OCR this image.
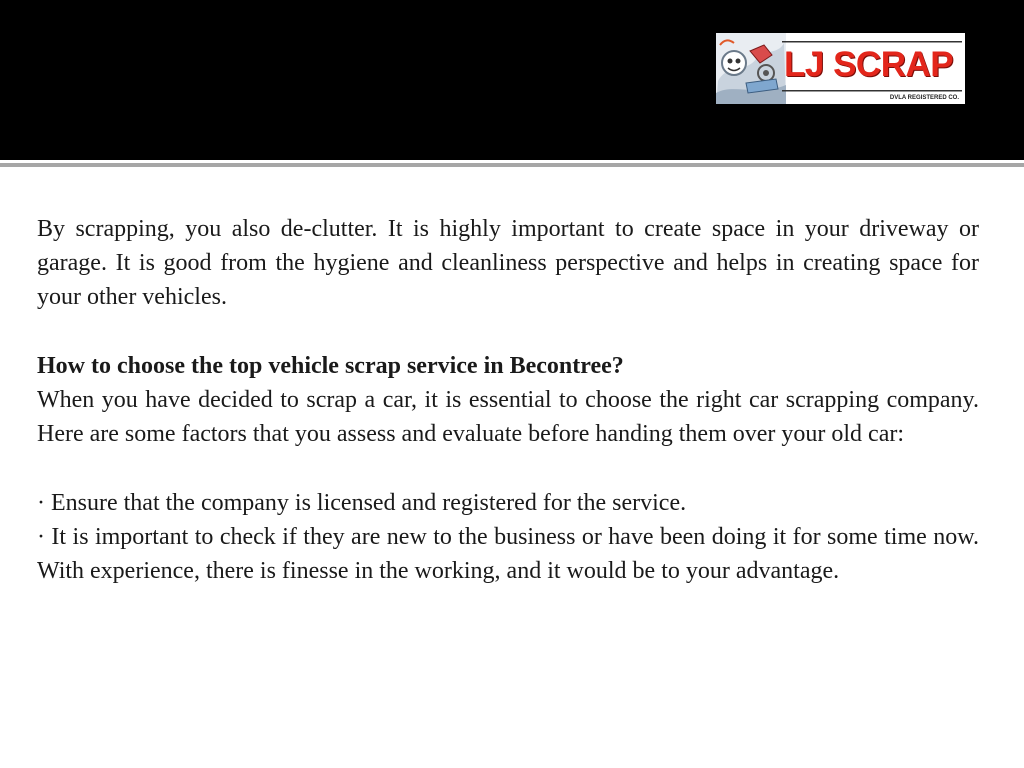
LJ SCRAP
DVLA REGISTERED CO.

By scrapping, you also de-clutter. It is highly important to create space in your driveway or garage. It is good from the hygiene and cleanliness perspective and helps in creating space for your other vehicles.

How to choose the top vehicle scrap service in Becontree?

When you have decided to scrap a car, it is essential to choose the right car scrapping company. Here are some factors that you assess and evaluate before handing them over your old car:

· Ensure that the company is licensed and registered for the service.

· It is important to check if they are new to the business or have been doing it for some time now. With experience, there is finesse in the working, and it would be to your advantage.
